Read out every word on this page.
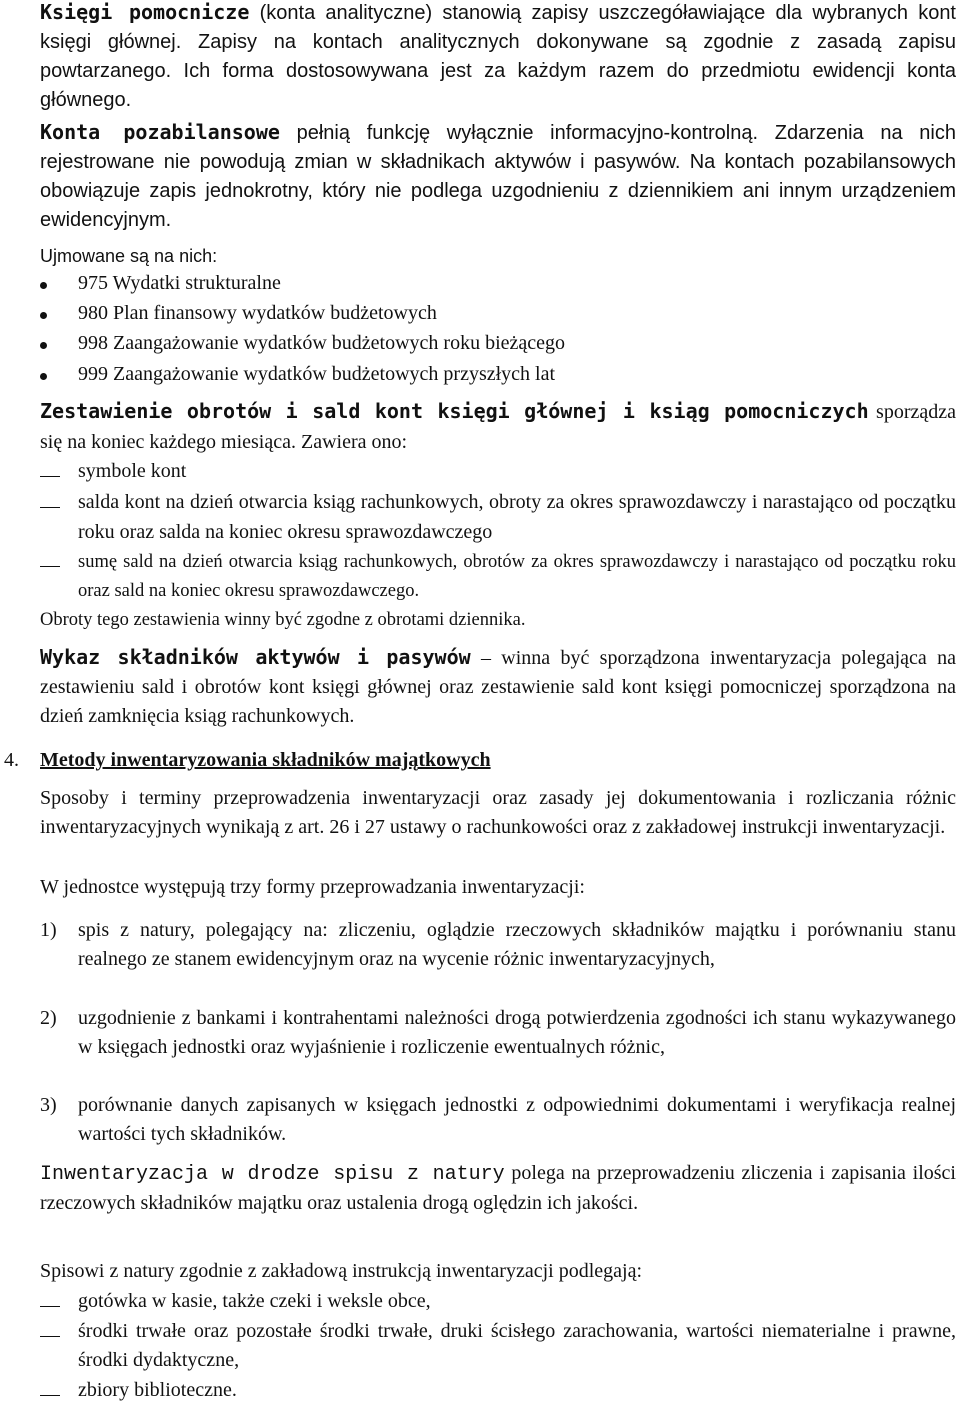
Księgi pomocnicze (konta analityczne) stanowią zapisy uszczegóławiające dla wybranych kont księgi głównej. Zapisy na kontach analitycznych dokonywane są zgodnie z zasadą zapisu powtarzanego. Ich forma dostosowywana jest za każdym razem do przedmiotu ewidencji konta głównego.

Konta pozabilansowe pełnią funkcję wyłącznie informacyjno-kontrolną. Zdarzenia na nich rejestrowane nie powodują zmian w składnikach aktywów i pasywów. Na kontach pozabilansowych obowiązuje zapis jednokrotny, który nie podlega uzgodnieniu z dziennikiem ani innym urządzeniem ewidencyjnym.

Ujmowane są na nich:

975 Wydatki strukturalne
980 Plan finansowy wydatków budżetowych
998 Zaangażowanie wydatków budżetowych roku bieżącego
999 Zaangażowanie wydatków budżetowych przyszłych lat

Zestawienie obrotów i sald kont księgi głównej i ksiąg pomocniczych sporządza się na koniec każdego miesiąca. Zawiera ono:

symbole kont
salda kont na dzień otwarcia ksiąg rachunkowych, obroty za okres sprawozdawczy i narastająco od początku roku oraz salda na koniec okresu sprawozdawczego
sumę sald na dzień otwarcia ksiąg rachunkowych, obrotów za okres sprawozdawczy i narastająco od początku roku oraz sald na koniec okresu sprawozdawczego.

Obroty tego zestawienia winny być zgodne z obrotami dziennika.

Wykaz składników aktywów i pasywów – winna być sporządzona inwentaryzacja polegająca na zestawieniu sald i obrotów kont księgi głównej oraz zestawienie sald kont księgi pomocniczej sporządzona na dzień zamknięcia ksiąg rachunkowych.

4. Metody inwentaryzowania składników majątkowych

Sposoby i terminy przeprowadzenia inwentaryzacji oraz zasady jej dokumentowania i rozliczania różnic inwentaryzacyjnych wynikają z art. 26 i 27 ustawy o rachunkowości oraz z zakładowej instrukcji inwentaryzacji.

W jednostce występują trzy formy przeprowadzania inwentaryzacji:

1) spis z natury, polegający na: zliczeniu, oglądzie rzeczowych składników majątku i porównaniu stanu realnego ze stanem ewidencyjnym oraz na wycenie różnic inwentaryzacyjnych,
2) uzgodnienie z bankami i kontrahentami należności drogą potwierdzenia zgodności ich stanu wykazywanego w księgach jednostki oraz wyjaśnienie i rozliczenie ewentualnych różnic,
3) porównanie danych zapisanych w księgach jednostki z odpowiednimi dokumentami i weryfikacja realnej wartości tych składników.

Inwentaryzacja w drodze spisu z natury polega na przeprowadzeniu zliczenia i zapisania ilości rzeczowych składników majątku oraz ustalenia drogą oględzin ich jakości.

Spisowi z natury zgodnie z zakładową instrukcją inwentaryzacji podlegają:

gotówka w kasie, także czeki i weksle obce,
środki trwałe oraz pozostałe środki trwałe, druki ścisłego zarachowania, wartości niematerialne i prawne, środki dydaktyczne,
zbiory biblioteczne.
